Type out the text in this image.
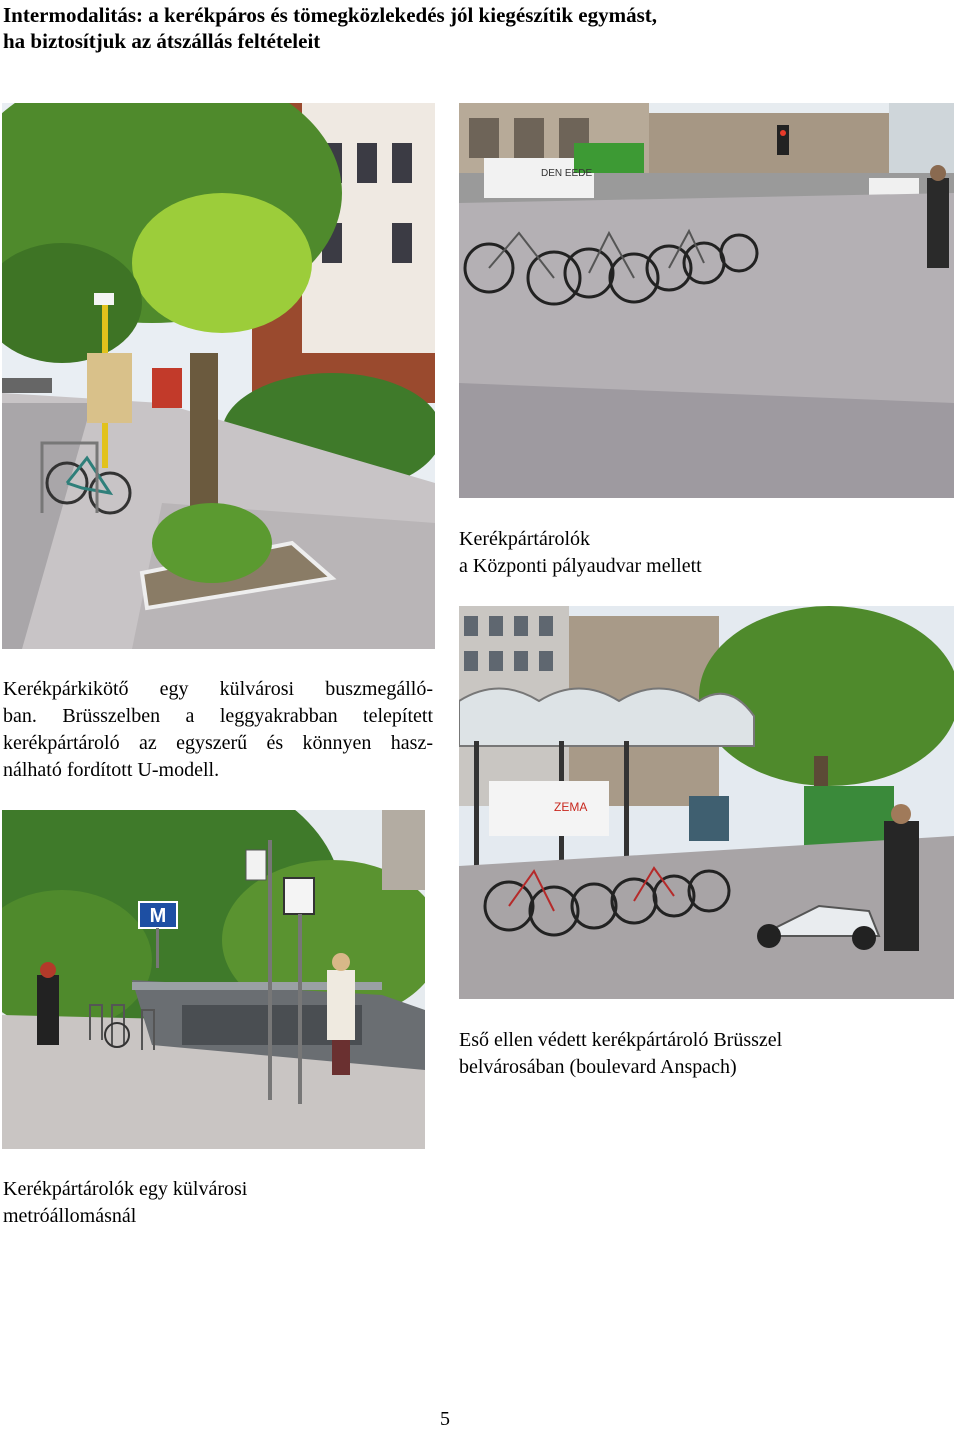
Intermodalitás: a kerékpáros és tömegközlekedés jól kiegészítik egymást,
ha biztosítjuk az átszállás feltételeit
DEN EEDE
Kerékpártárolók
a Központi pályaudvar mellett
ZEMA
Kerékpárkikötő egy külvárosi buszmegálló-
ban. Brüsszelben a leggyakrabban telepített
kerékpártároló az egyszerű és könnyen hasz-
nálható fordított U-modell.
M
Eső ellen védett kerékpártároló Brüsszel
belvárosában (boulevard Anspach)
Kerékpártárolók egy külvárosi
metróállomásnál
5
